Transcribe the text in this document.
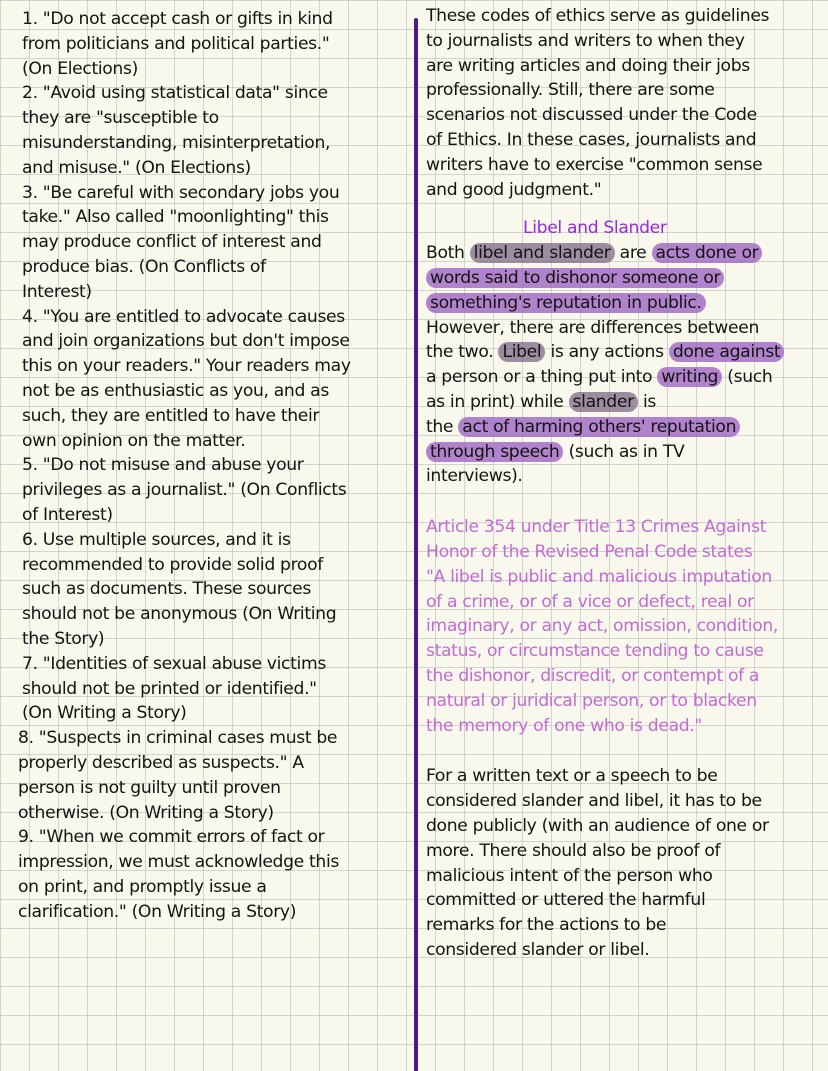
1. "Do not accept cash or gifts in kind
from politicians and political parties."
(On Elections)
2. "Avoid using statistical data" since
they are "susceptible to
misunderstanding, misinterpretation,
and misuse." (On Elections)
3. "Be careful with secondary jobs you
take." Also called "moonlighting" this
may produce conflict of interest and
produce bias. (On Conflicts of
Interest)
4. "You are entitled to advocate causes
and join organizations but don't impose
this on your readers." Your readers may
not be as enthusiastic as you, and as
such, they are entitled to have their
own opinion on the matter.
5. "Do not misuse and abuse your
privileges as a journalist." (On Conflicts
of Interest)
6. Use multiple sources, and it is
recommended to provide solid proof
such as documents. These sources
should not be anonymous (On Writing
the Story)
7. "Identities of sexual abuse victims
should not be printed or identified."
(On Writing a Story)
8. "Suspects in criminal cases must be
properly described as suspects." A
person is not guilty until proven
otherwise. (On Writing a Story)
9. "When we commit errors of fact or
impression, we must acknowledge this
on print, and promptly issue a
clarification." (On Writing a Story)
These codes of ethics serve as guidelines
to journalists and writers to when they
are writing articles and doing their jobs
professionally. Still, there are some
scenarios not discussed under the Code
of Ethics. In these cases, journalists and
writers have to exercise "common sense
and good judgment."
Libel and Slander
Both libel and slander are acts done or
words said to dishonor someone or
something's reputation in public.
However, there are differences between
the two. Libel is any actions done against
a person or a thing put into writing (such
as in print) while slander is
the act of harming others' reputation
through speech (such as in TV
interviews).
Article 354 under Title 13 Crimes Against
Honor of the Revised Penal Code states
"A libel is public and malicious imputation
of a crime, or of a vice or defect, real or
imaginary, or any act, omission, condition,
status, or circumstance tending to cause
the dishonor, discredit, or contempt of a
natural or juridical person, or to blacken
the memory of one who is dead."
For a written text or a speech to be
considered slander and libel, it has to be
done publicly (with an audience of one or
more. There should also be proof of
malicious intent of the person who
committed or uttered the harmful
remarks for the actions to be
considered slander or libel.
